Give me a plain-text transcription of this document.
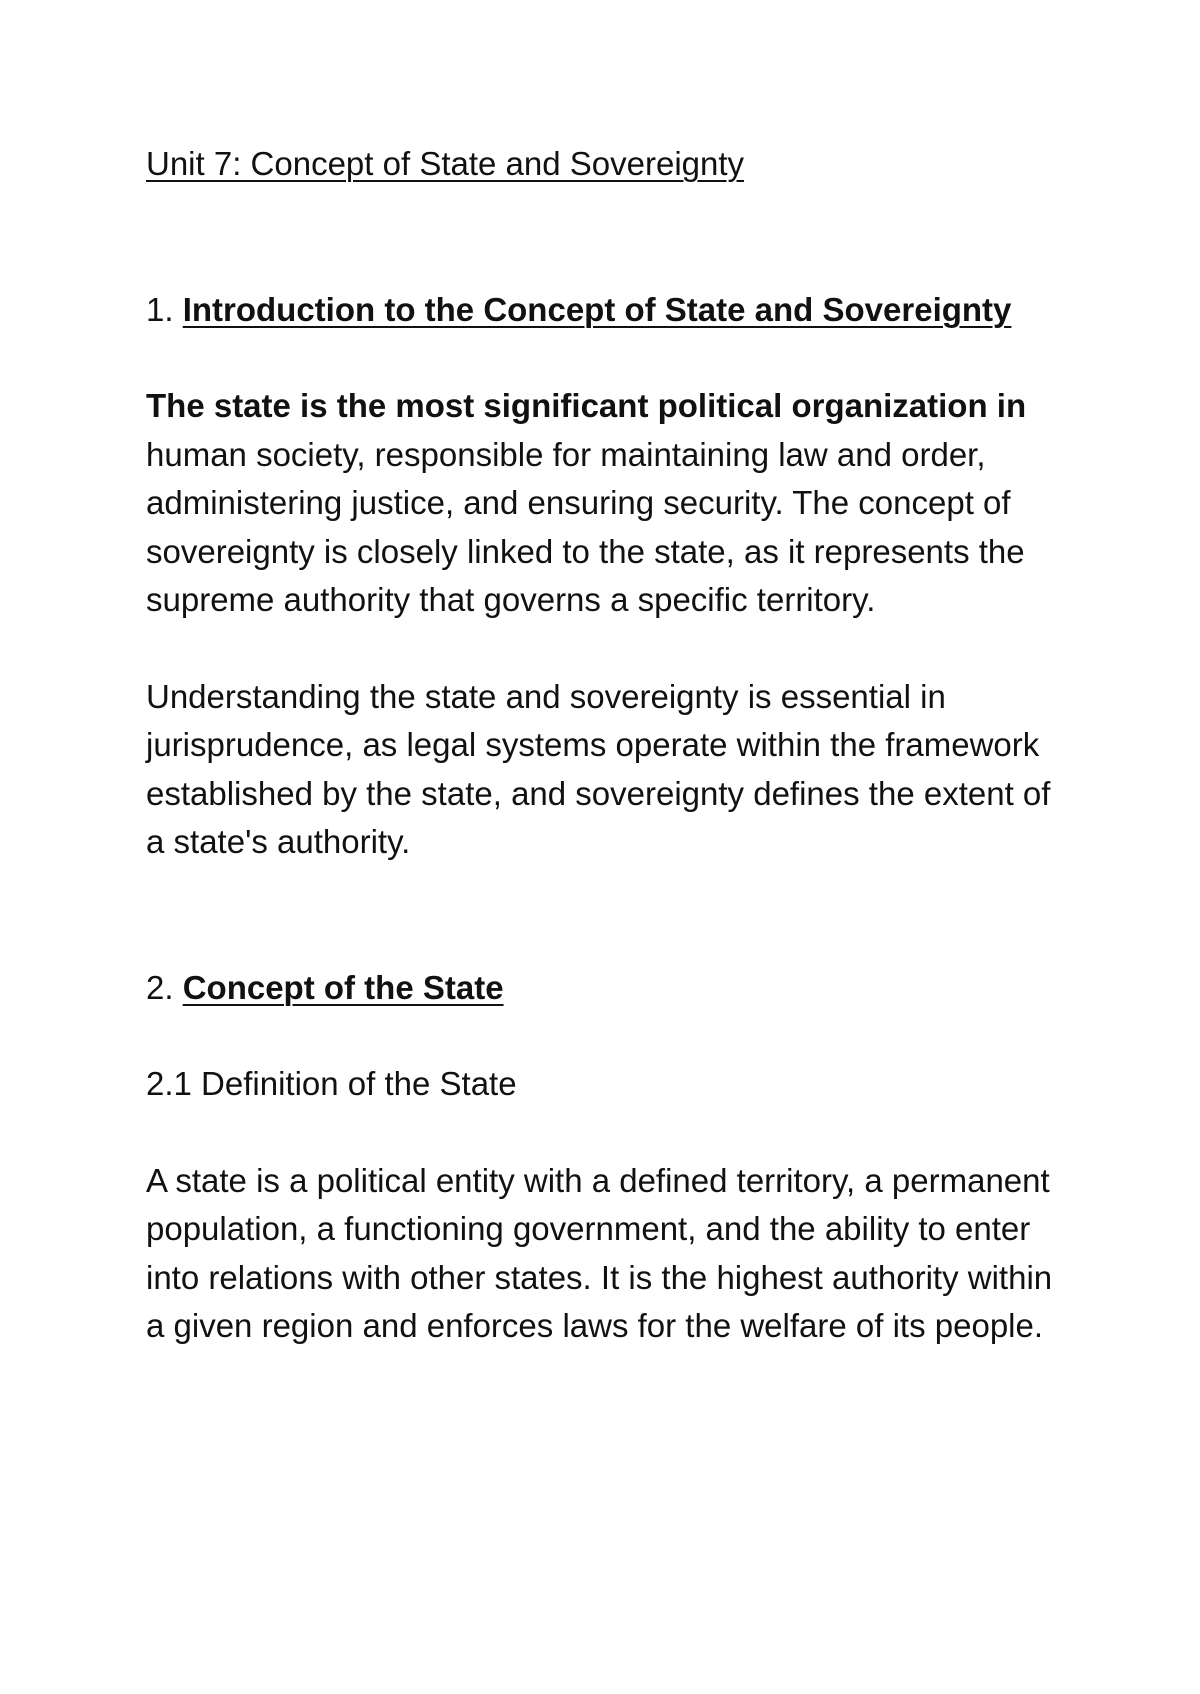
Unit 7: Concept of State and Sovereignty
1. Introduction to the Concept of State and Sovereignty

The state is the most significant political organization in human society, responsible for maintaining law and order, administering justice, and ensuring security. The concept of sovereignty is closely linked to the state, as it represents the supreme authority that governs a specific territory.

Understanding the state and sovereignty is essential in jurisprudence, as legal systems operate within the framework established by the state, and sovereignty defines the extent of a state's authority.

2. Concept of the State
2.1 Definition of the State

A state is a political entity with a defined territory, a permanent population, a functioning government, and the ability to enter into relations with other states. It is the highest authority within a given region and enforces laws for the welfare of its people.
